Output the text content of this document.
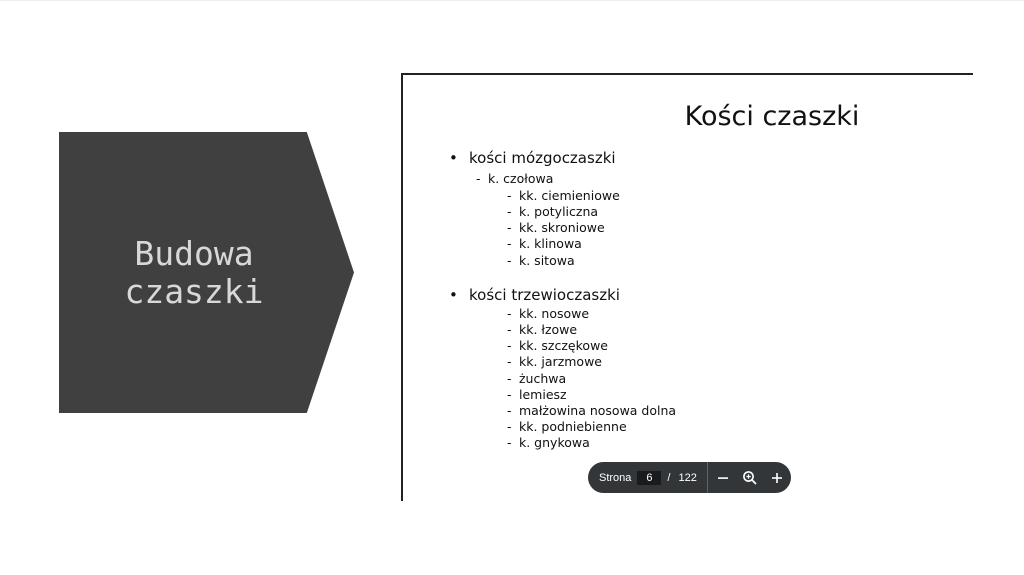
Budowa
czaszki
Kości czaszki
• kości mózgoczaszki
- k. czołowa
- kk. ciemieniowe
- k. potyliczna
- kk. skroniowe
- k. klinowa
- k. sitowa
• kości trzewioczaszki
- kk. nosowe
- kk. łzowe
- kk. szczękowe
- kk. jarzmowe
- żuchwa
- lemiesz
- małżowina nosowa dolna
- kk. podniebienne
- k. gnykowa
Strona
6	/ 122
